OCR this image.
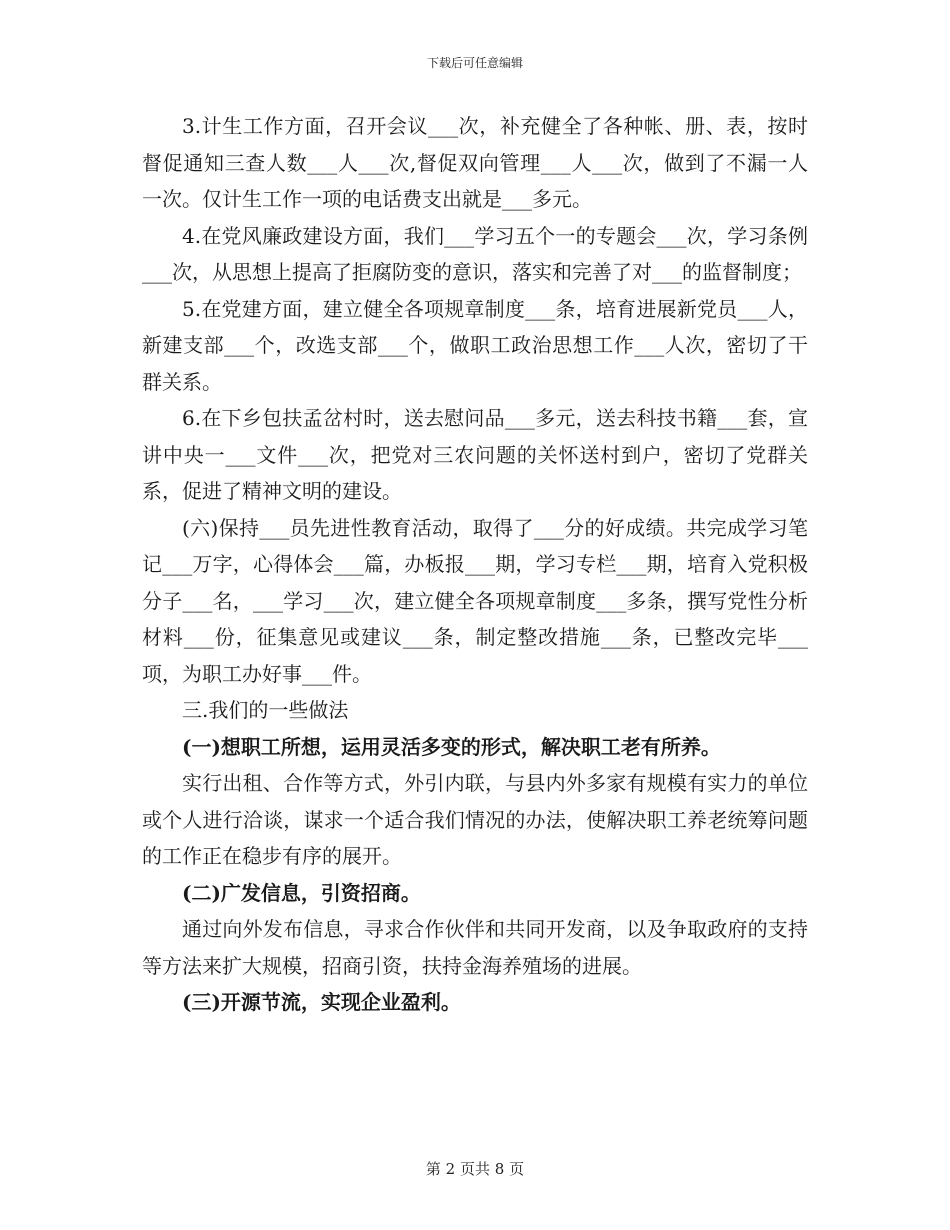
下载后可任意编辑

3.计生工作方面，召开会议___次，补充健全了各种帐、册、表，按时督促通知三查人数___人___次,督促双向管理___人___次，做到了不漏一人一次。仅计生工作一项的电话费支出就是___多元。

4.在党风廉政建设方面，我们___学习五个一的专题会___次，学习条例___次，从思想上提高了拒腐防变的意识，落实和完善了对___的监督制度；

5.在党建方面，建立健全各项规章制度___条，培育进展新党员___人，新建支部___个，改选支部___个，做职工政治思想工作___人次，密切了干群关系。

6.在下乡包扶孟岔村时，送去慰问品___多元，送去科技书籍___套，宣讲中央一___文件___次，把党对三农问题的关怀送村到户，密切了党群关系，促进了精神文明的建设。

(六)保持___员先进性教育活动，取得了___分的好成绩。共完成学习笔记___万字，心得体会___篇，办板报___期，学习专栏___期，培育入党积极分子___名，___学习___次，建立健全各项规章制度___多条，撰写党性分析材料___份，征集意见或建议___条，制定整改措施___条，已整改完毕___项，为职工办好事___件。

三.我们的一些做法

(一)想职工所想，运用灵活多变的形式，解决职工老有所养。

实行出租、合作等方式，外引内联，与县内外多家有规模有实力的单位或个人进行洽谈，谋求一个适合我们情况的办法，使解决职工养老统筹问题的工作正在稳步有序的展开。

(二)广发信息，引资招商。

通过向外发布信息，寻求合作伙伴和共同开发商，以及争取政府的支持等方法来扩大规模，招商引资，扶持金海养殖场的进展。

(三)开源节流，实现企业盈利。

第 2 页共 8 页
